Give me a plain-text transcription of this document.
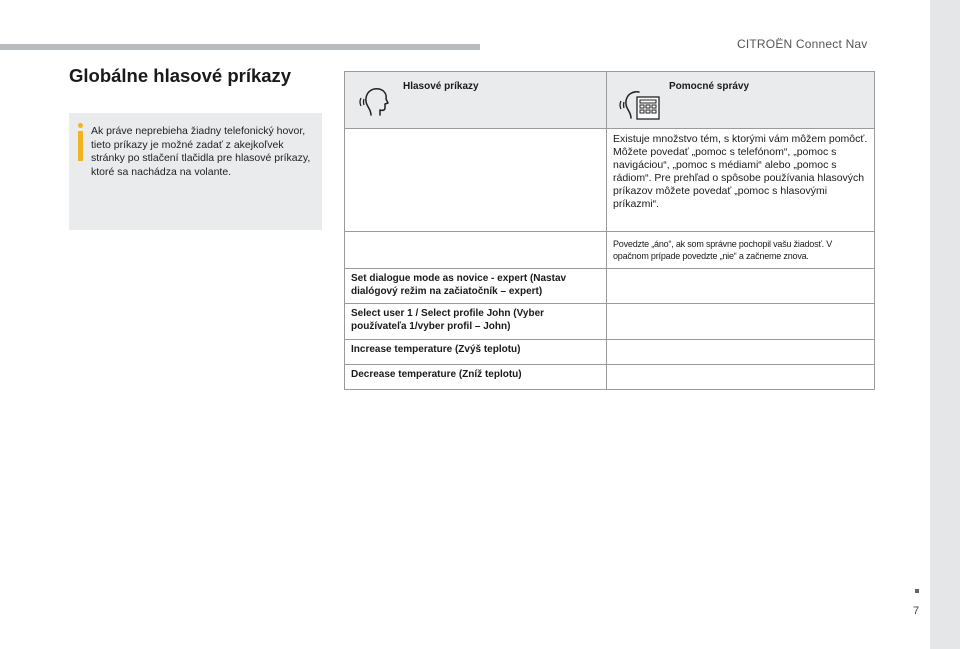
CITROËN Connect Nav
Globálne hlasové príkazy
Ak práve neprebieha žiadny telefonický hovor, tieto príkazy je možné zadať z akejkoľvek stránky po stlačení tlačidla pre hlasové príkazy, ktoré sa nachádza na volante.
Hlasové príkazy	Pomocné správy

	Existuje množstvo tém, s ktorými vám môžem pomôcť. Môžete povedať „pomoc s telefónom“, „pomoc s navigáciou“, „pomoc s médiami“ alebo „pomoc s rádiom“. Pre prehľad o spôsobe používania hlasových príkazov môžete povedať „pomoc s hlasovými príkazmi“.
	Povedzte „áno“, ak som správne pochopil vašu žiadosť. V opačnom prípade povedzte „nie“ a začneme znova.
Set dialogue mode as novice - expert (Nastav dialógový režim na začiatočník – expert)	
Select user 1 / Select profile John (Vyber používateľa 1/vyber profil – John)	
Increase temperature (Zvýš teplotu)	
Decrease temperature (Zníž teplotu)	
7
